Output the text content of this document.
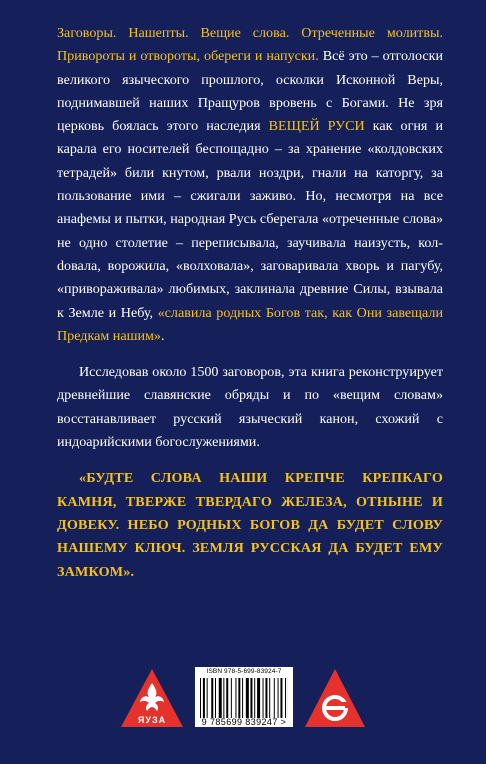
Заговоры. Нашепты. Вещие слова. Отреченные молитвы. Привороты и отвороты, обереги и напуски. Всё это – отголоски великого языческого прошлого, осколки Исконной Веры, поднимавшей наших Пращуров вровень с Богами. Не зря церковь боялась этого наследия ВЕЩЕЙ РУСИ как огня и карала его носителей беспощадно – за хранение «колдовских тетрадей» били кнутом, рвали ноздри, гнали на каторгу, за пользование ими – сжигали заживо. Но, несмотря на все анафемы и пытки, народная Русь сберегала «отреченные слова» не одно столетие – переписывала, заучивала наизусть, колdовала, ворожила, «волховала», заговаривала хворь и пагубу, «привораживала» любимых, заклинала древние Силы, взывала к Земле и Небу, «славила родных Богов так, как Они завещали Предкам нашим».

Исследовав около 1500 заговоров, эта книга реконструирует древнейшие славянские обряды и по «вещим словам» восстанавливает русский языческий канон, схожий с индоарийскими богослужениями.

«БУДТЕ СЛОВА НАШИ КРЕПЧЕ КРЕПКАГО КАМНЯ, ТВЕРЖЕ ТВЕРДАГО ЖЕЛЕЗА, ОТНЫНЕ И ДОВЕКУ. НЕБО РОДНЫХ БОГОВ ДА БУДЕТ СЛОВУ НАШЕМУ КЛЮЧ. ЗЕМЛЯ РУССКАЯ ДА БУДЕТ ЕМУ ЗАМКОМ».

ЯУЗА
ISBN 978-5-699-83924-7
9 785699 839247 >
